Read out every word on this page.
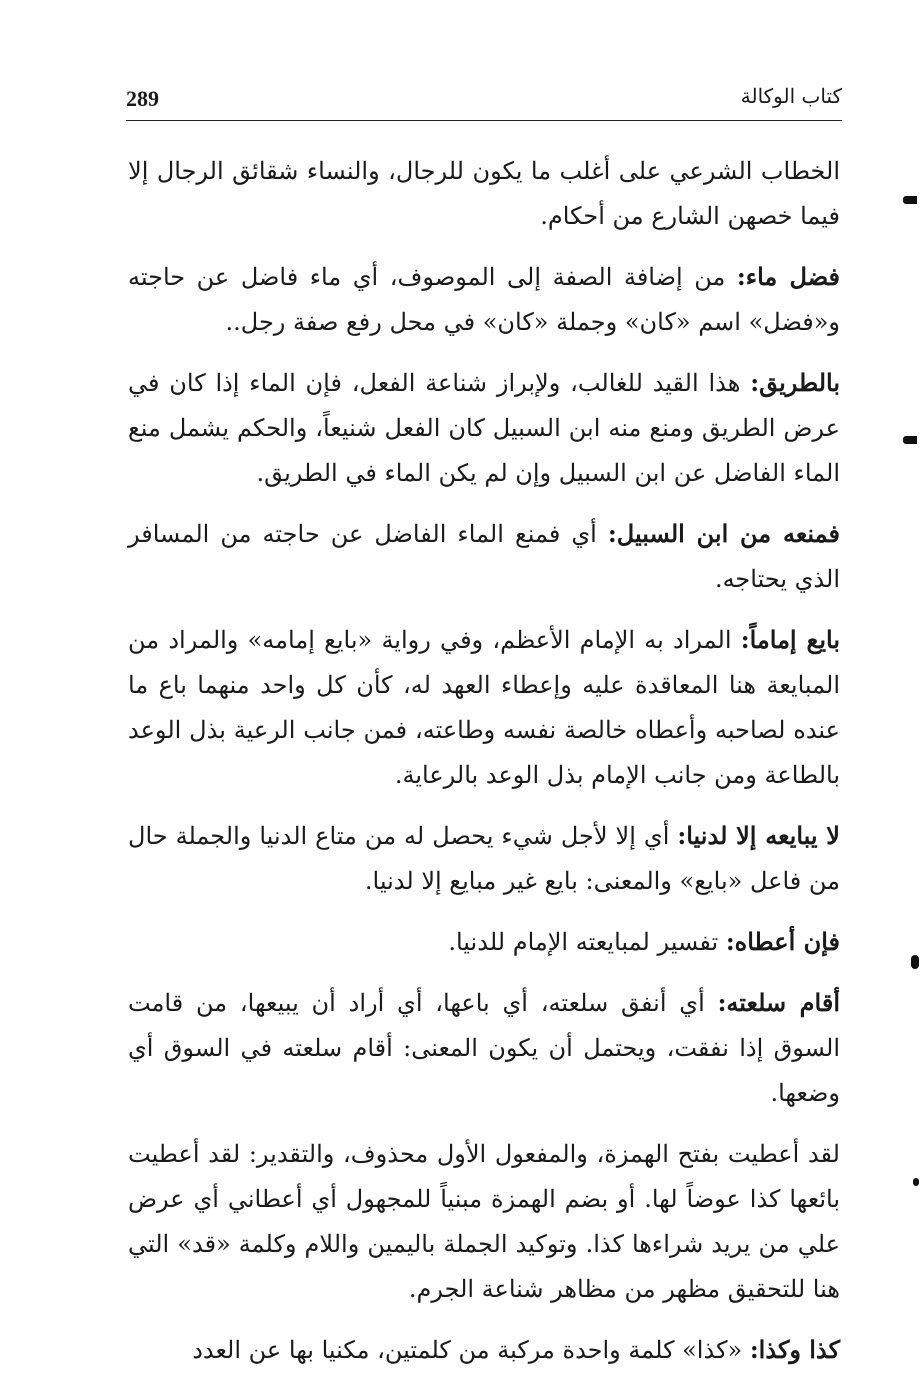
289	كتاب الوكالة

الخطاب الشرعي على أغلب ما يكون للرجال، والنساء شقائق الرجال إلا فيما خصهن الشارع من أحكام.

فضل ماء: من إضافة الصفة إلى الموصوف، أي ماء فاضل عن حاجته و«فضل» اسم «كان» وجملة «كان» في محل رفع صفة رجل..

بالطريق: هذا القيد للغالب، ولإبراز شناعة الفعل، فإن الماء إذا كان في عرض الطريق ومنع منه ابن السبيل كان الفعل شنيعاً، والحكم يشمل منع الماء الفاضل عن ابن السبيل وإن لم يكن الماء في الطريق.

فمنعه من ابن السبيل: أي فمنع الماء الفاضل عن حاجته من المسافر الذي يحتاجه.

بايع إماماً: المراد به الإمام الأعظم، وفي رواية «بايع إمامه» والمراد من المبايعة هنا المعاقدة عليه وإعطاء العهد له، كأن كل واحد منهما باع ما عنده لصاحبه وأعطاه خالصة نفسه وطاعته، فمن جانب الرعية بذل الوعد بالطاعة ومن جانب الإمام بذل الوعد بالرعاية.

لا يبايعه إلا لدنيا: أي إلا لأجل شيء يحصل له من متاع الدنيا والجملة حال من فاعل «بايع» والمعنى: بايع غير مبايع إلا لدنيا.

فإن أعطاه: تفسير لمبايعته الإمام للدنيا.

أقام سلعته: أي أنفق سلعته، أي باعها، أي أراد أن يبيعها، من قامت السوق إذا نفقت، ويحتمل أن يكون المعنى: أقام سلعته في السوق أي وضعها.

لقد أعطيت بفتح الهمزة، والمفعول الأول محذوف، والتقدير: لقد أعطيت بائعها كذا عوضاً لها. أو بضم الهمزة مبنياً للمجهول أي أعطاني أي عرض علي من يريد شراءها كذا. وتوكيد الجملة باليمين واللام وكلمة «قد» التي هنا للتحقيق مظهر من مظاهر شناعة الجرم.

كذا وكذا: «كذا» كلمة واحدة مركبة من كلمتين، مكنيا بها عن العدد
